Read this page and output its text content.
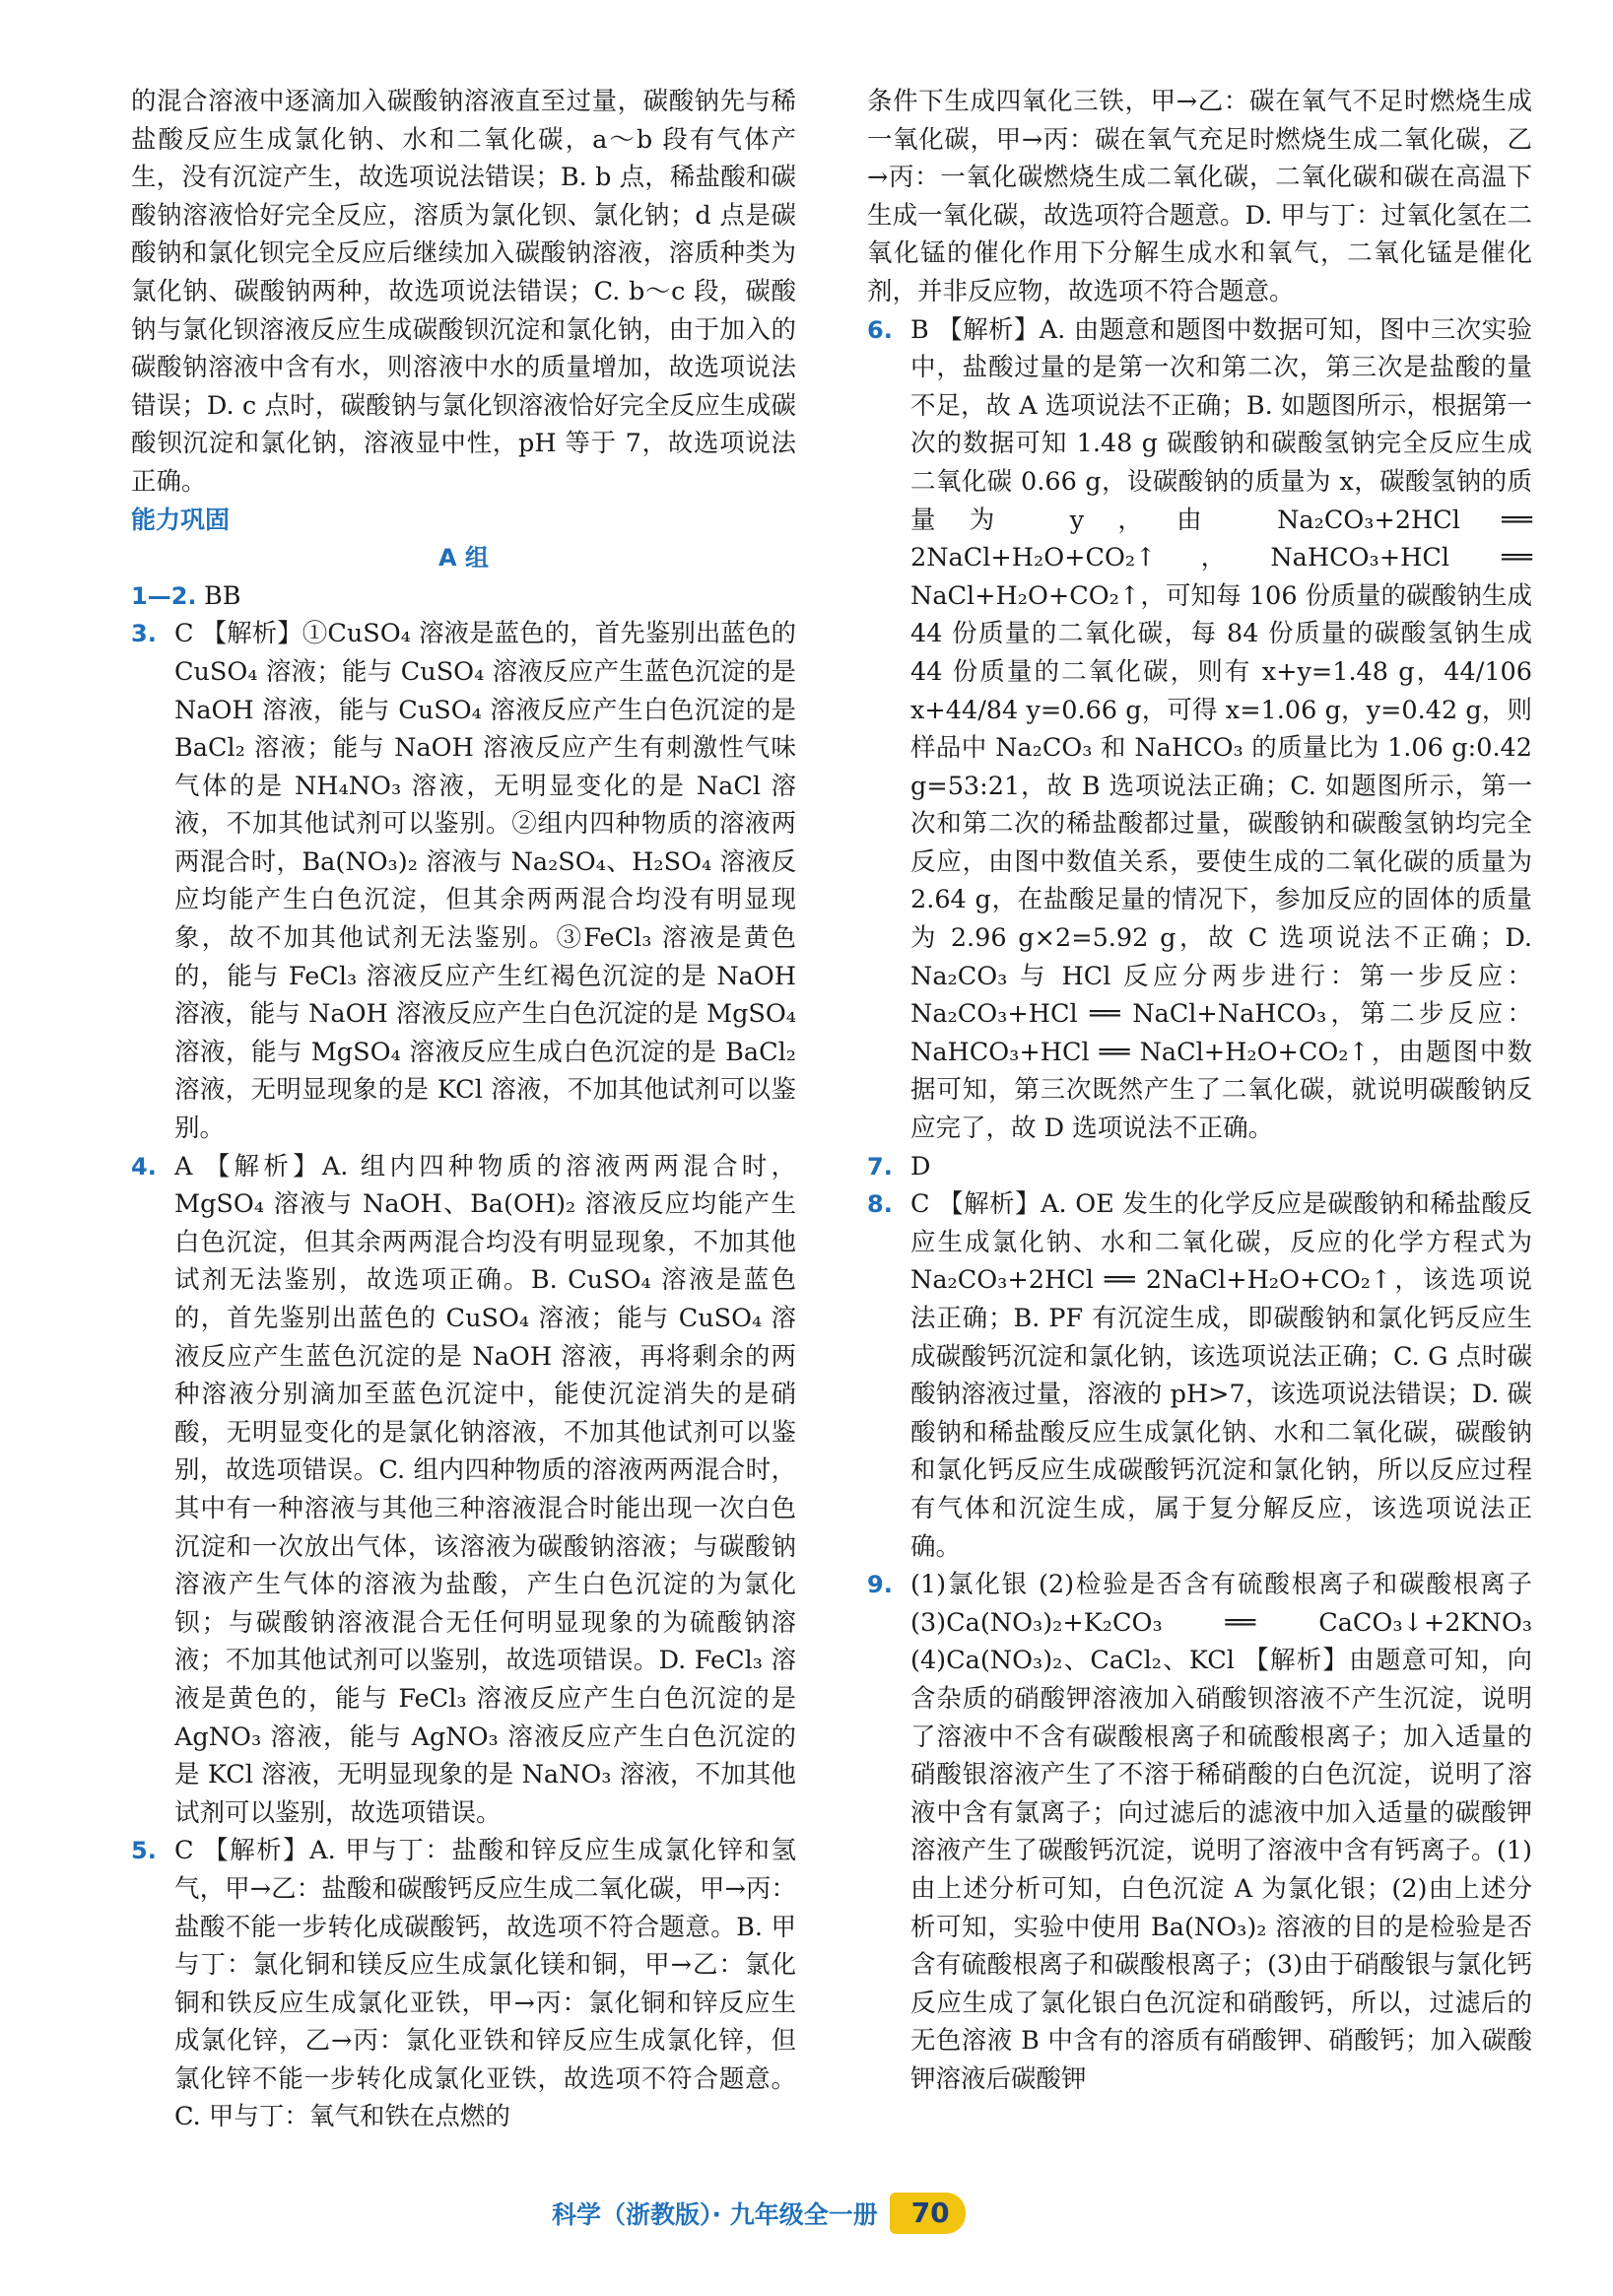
的混合溶液中逐滴加入碳酸钠溶液直至过量，碳酸钠先与稀盐酸反应生成氯化钠、水和二氧化碳，a～b 段有气体产生，没有沉淀产生，故选项说法错误；B. b 点，稀盐酸和碳酸钠溶液恰好完全反应，溶质为氯化钡、氯化钠；d 点是碳酸钠和氯化钡完全反应后继续加入碳酸钠溶液，溶质种类为氯化钠、碳酸钠两种，故选项说法错误；C. b～c 段，碳酸钠与氯化钡溶液反应生成碳酸钡沉淀和氯化钠，由于加入的碳酸钠溶液中含有水，则溶液中水的质量增加，故选项说法错误；D. c 点时，碳酸钠与氯化钡溶液恰好完全反应生成碳酸钡沉淀和氯化钠，溶液显中性，pH 等于 7，故选项说法正确。

能力巩固

A 组

1—2. BB
3. C 【解析】①CuSO₄ 溶液是蓝色的，首先鉴别出蓝色的 CuSO₄ 溶液；能与 CuSO₄ 溶液反应产生蓝色沉淀的是 NaOH 溶液，能与 CuSO₄ 溶液反应产生白色沉淀的是 BaCl₂ 溶液；能与 NaOH 溶液反应产生有刺激性气味气体的是 NH₄NO₃ 溶液，无明显变化的是 NaCl 溶液，不加其他试剂可以鉴别。②组内四种物质的溶液两两混合时，Ba(NO₃)₂ 溶液与 Na₂SO₄、H₂SO₄ 溶液反应均能产生白色沉淀，但其余两两混合均没有明显现象，故不加其他试剂无法鉴别。③FeCl₃ 溶液是黄色的，能与 FeCl₃ 溶液反应产生红褐色沉淀的是 NaOH 溶液，能与 NaOH 溶液反应产生白色沉淀的是 MgSO₄ 溶液，能与 MgSO₄ 溶液反应生成白色沉淀的是 BaCl₂ 溶液，无明显现象的是 KCl 溶液，不加其他试剂可以鉴别。
4. A 【解析】A. 组内四种物质的溶液两两混合时，MgSO₄ 溶液与 NaOH、Ba(OH)₂ 溶液反应均能产生白色沉淀，但其余两两混合均没有明显现象，不加其他试剂无法鉴别，故选项正确。B. CuSO₄ 溶液是蓝色的，首先鉴别出蓝色的 CuSO₄ 溶液；能与 CuSO₄ 溶液反应产生蓝色沉淀的是 NaOH 溶液，再将剩余的两种溶液分别滴加至蓝色沉淀中，能使沉淀消失的是硝酸，无明显变化的是氯化钠溶液，不加其他试剂可以鉴别，故选项错误。C. 组内四种物质的溶液两两混合时，其中有一种溶液与其他三种溶液混合时能出现一次白色沉淀和一次放出气体，该溶液为碳酸钠溶液；与碳酸钠溶液产生气体的溶液为盐酸，产生白色沉淀的为氯化钡；与碳酸钠溶液混合无任何明显现象的为硫酸钠溶液；不加其他试剂可以鉴别，故选项错误。D. FeCl₃ 溶液是黄色的，能与 FeCl₃ 溶液反应产生白色沉淀的是 AgNO₃ 溶液，能与 AgNO₃ 溶液反应产生白色沉淀的是 KCl 溶液，无明显现象的是 NaNO₃ 溶液，不加其他试剂可以鉴别，故选项错误。
5. C 【解析】A. 甲与丁：盐酸和锌反应生成氯化锌和氢气，甲→乙：盐酸和碳酸钙反应生成二氧化碳，甲→丙：盐酸不能一步转化成碳酸钙，故选项不符合题意。B. 甲与丁：氯化铜和镁反应生成氯化镁和铜，甲→乙：氯化铜和铁反应生成氯化亚铁，甲→丙：氯化铜和锌反应生成氯化锌，乙→丙：氯化亚铁和锌反应生成氯化锌，但氯化锌不能一步转化成氯化亚铁，故选项不符合题意。C. 甲与丁：氧气和铁在点燃的

条件下生成四氧化三铁，甲→乙：碳在氧气不足时燃烧生成一氧化碳，甲→丙：碳在氧气充足时燃烧生成二氧化碳，乙→丙：一氧化碳燃烧生成二氧化碳，二氧化碳和碳在高温下生成一氧化碳，故选项符合题意。D. 甲与丁：过氧化氢在二氧化锰的催化作用下分解生成水和氧气，二氧化锰是催化剂，并非反应物，故选项不符合题意。

6. B 【解析】A. 由题意和题图中数据可知，图中三次实验中，盐酸过量的是第一次和第二次，第三次是盐酸的量不足，故 A 选项说法不正确；B. 如题图所示，根据第一次的数据可知 1.48 g 碳酸钠和碳酸氢钠完全反应生成二氧化碳 0.66 g，设碳酸钠的质量为 x，碳酸氢钠的质量为 y，由 Na₂CO₃+2HCl ══ 2NaCl+H₂O+CO₂↑，NaHCO₃+HCl ══ NaCl+H₂O+CO₂↑，可知每 106 份质量的碳酸钠生成 44 份质量的二氧化碳，每 84 份质量的碳酸氢钠生成 44 份质量的二氧化碳，则有 x+y=1.48 g，44/106 x+44/84 y=0.66 g，可得 x=1.06 g，y=0.42 g，则样品中 Na₂CO₃ 和 NaHCO₃ 的质量比为 1.06 g:0.42 g=53:21，故 B 选项说法正确；C. 如题图所示，第一次和第二次的稀盐酸都过量，碳酸钠和碳酸氢钠均完全反应，由图中数值关系，要使生成的二氧化碳的质量为 2.64 g，在盐酸足量的情况下，参加反应的固体的质量为 2.96 g×2=5.92 g，故 C 选项说法不正确；D. Na₂CO₃ 与 HCl 反应分两步进行：第一步反应：Na₂CO₃+HCl ══ NaCl+NaHCO₃，第二步反应：NaHCO₃+HCl ══ NaCl+H₂O+CO₂↑，由题图中数据可知，第三次既然产生了二氧化碳，就说明碳酸钠反应完了，故 D 选项说法不正确。
7. D
8. C 【解析】A. OE 发生的化学反应是碳酸钠和稀盐酸反应生成氯化钠、水和二氧化碳，反应的化学方程式为 Na₂CO₃+2HCl ══ 2NaCl+H₂O+CO₂↑，该选项说法正确；B. PF 有沉淀生成，即碳酸钠和氯化钙反应生成碳酸钙沉淀和氯化钠，该选项说法正确；C. G 点时碳酸钠溶液过量，溶液的 pH>7，该选项说法错误；D. 碳酸钠和稀盐酸反应生成氯化钠、水和二氧化碳，碳酸钠和氯化钙反应生成碳酸钙沉淀和氯化钠，所以反应过程有气体和沉淀生成，属于复分解反应，该选项说法正确。
9. (1)氯化银 (2)检验是否含有硫酸根离子和碳酸根离子 (3)Ca(NO₃)₂+K₂CO₃ ══ CaCO₃↓+2KNO₃ (4)Ca(NO₃)₂、CaCl₂、KCl 【解析】由题意可知，向含杂质的硝酸钾溶液加入硝酸钡溶液不产生沉淀，说明了溶液中不含有碳酸根离子和硫酸根离子；加入适量的硝酸银溶液产生了不溶于稀硝酸的白色沉淀，说明了溶液中含有氯离子；向过滤后的滤液中加入适量的碳酸钾溶液产生了碳酸钙沉淀，说明了溶液中含有钙离子。(1)由上述分析可知，白色沉淀 A 为氯化银；(2)由上述分析可知，实验中使用 Ba(NO₃)₂ 溶液的目的是检验是否含有硫酸根离子和碳酸根离子；(3)由于硝酸银与氯化钙反应生成了氯化银白色沉淀和硝酸钙，所以，过滤后的无色溶液 B 中含有的溶质有硝酸钾、硝酸钙；加入碳酸钾溶液后碳酸钾
科学（浙教版）· 九年级全一册	70
